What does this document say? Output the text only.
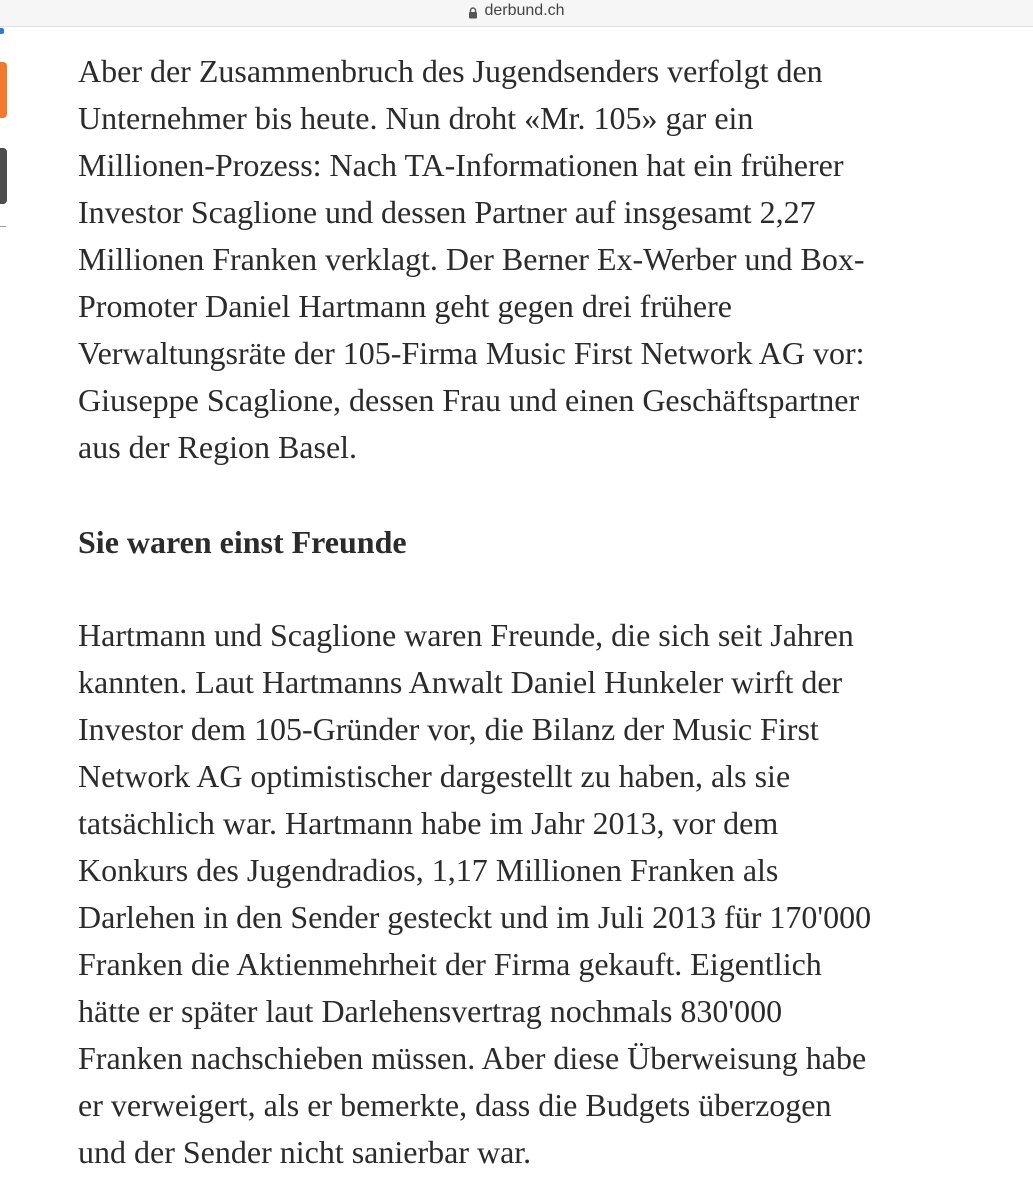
derbund.ch

Aber der Zusammenbruch des Jugendsenders verfolgt den
Unternehmer bis heute. Nun droht «Mr. 105» gar ein
Millionen-Prozess: Nach TA-Informationen hat ein früherer
Investor Scaglione und dessen Partner auf insgesamt 2,27
Millionen Franken verklagt. Der Berner Ex-Werber und Box-
Promoter Daniel Hartmann geht gegen drei frühere
Verwaltungsräte der 105-Firma Music First Network AG vor:
Giuseppe Scaglione, dessen Frau und einen Geschäftspartner
aus der Region Basel.

Sie waren einst Freunde

Hartmann und Scaglione waren Freunde, die sich seit Jahren
kannten. Laut Hartmanns Anwalt Daniel Hunkeler wirft der
Investor dem 105-Gründer vor, die Bilanz der Music First
Network AG optimistischer dargestellt zu haben, als sie
tatsächlich war. Hartmann habe im Jahr 2013, vor dem
Konkurs des Jugendradios, 1,17 Millionen Franken als
Darlehen in den Sender gesteckt und im Juli 2013 für 170'000
Franken die Aktienmehrheit der Firma gekauft. Eigentlich
hätte er später laut Darlehensvertrag nochmals 830'000
Franken nachschieben müssen. Aber diese Überweisung habe
er verweigert, als er bemerkte, dass die Budgets überzogen
und der Sender nicht sanierbar war.
